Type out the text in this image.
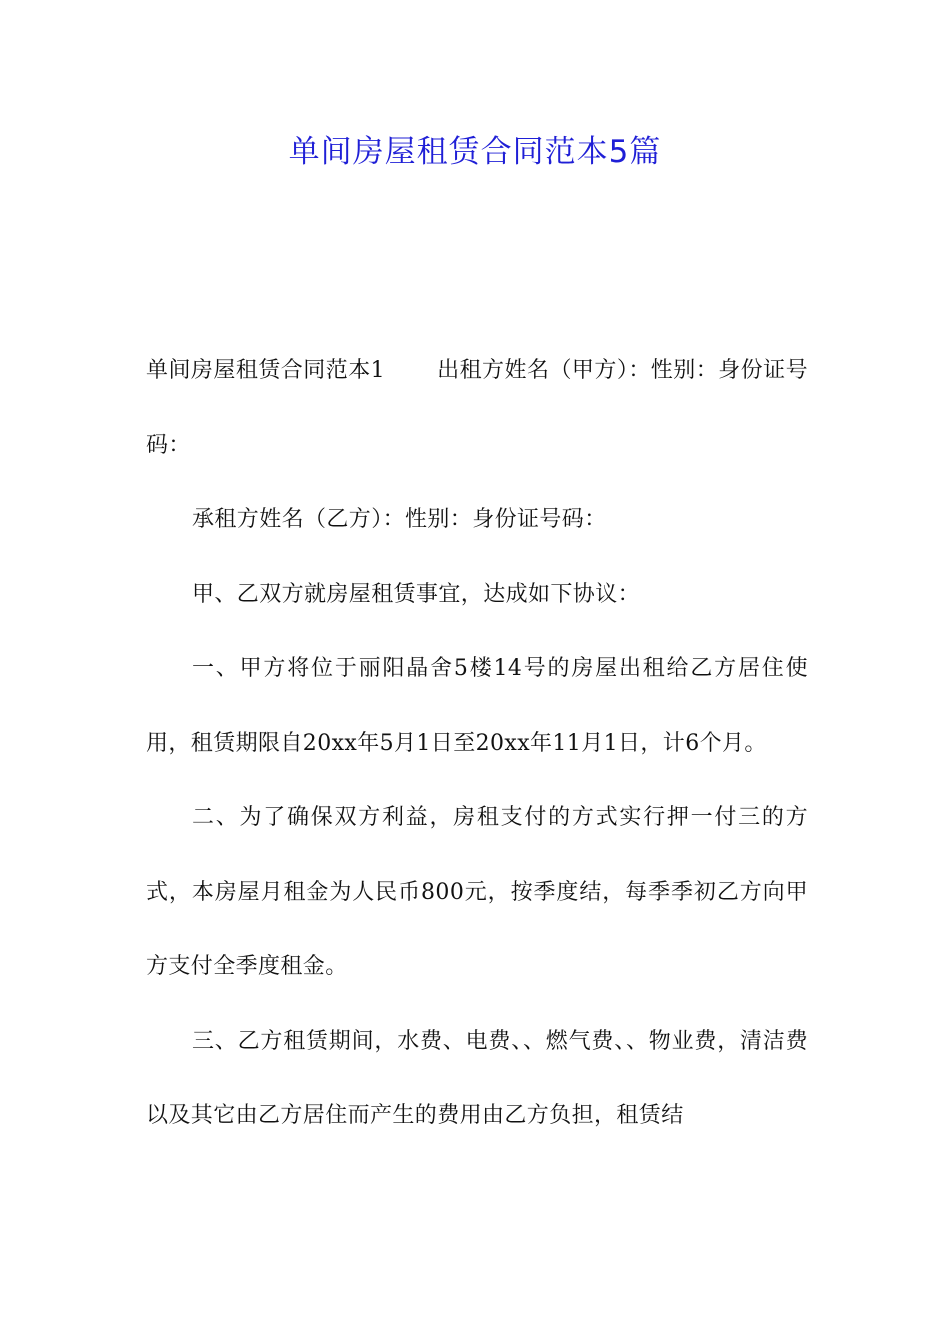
单间房屋租赁合同范本5篇

单间房屋租赁合同范本1 出租方姓名（甲方）：性别：身份证号码：

承租方姓名（乙方）：性别：身份证号码：

甲、乙双方就房屋租赁事宜，达成如下协议：

一、甲方将位于丽阳晶舍5楼14号的房屋出租给乙方居住使用，租赁期限自20xx年5月1日至20xx年11月1日，计6个月。

二、为了确保双方利益，房租支付的方式实行押一付三的方式，本房屋月租金为人民币800元，按季度结，每季季初乙方向甲方支付全季度租金。

三、乙方租赁期间，水费、电费、、燃气费、、物业费，清洁费以及其它由乙方居住而产生的费用由乙方负担，租赁结
